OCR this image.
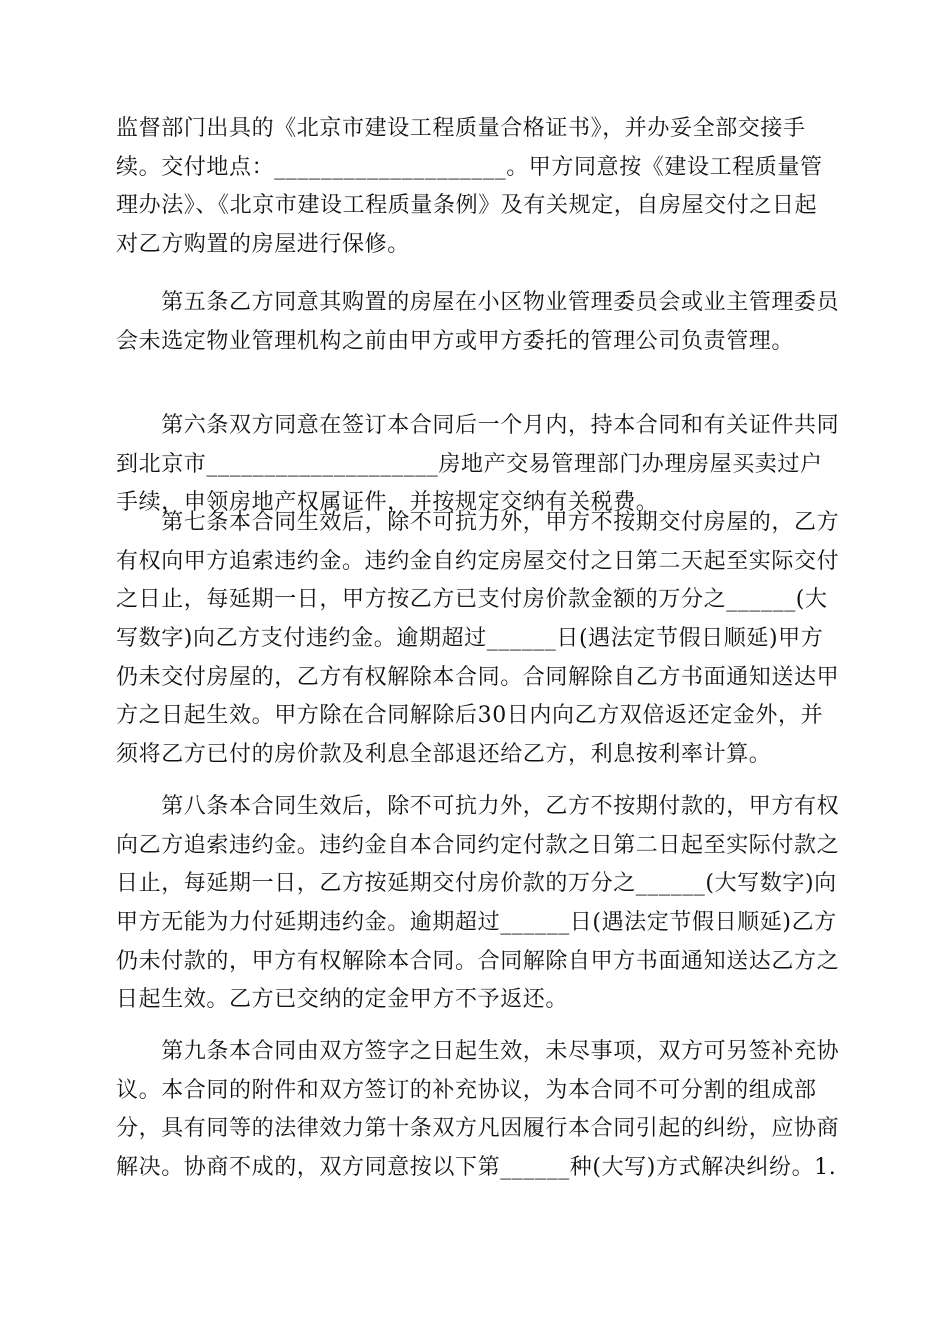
监督部门出具的《北京市建设工程质量合格证书》，并办妥全部交接手
续。交付地点：____________________。甲方同意按《建设工程质量管
理办法》、《北京市建设工程质量条例》及有关规定，自房屋交付之日起
对乙方购置的房屋进行保修。
　　第五条乙方同意其购置的房屋在小区物业管理委员会或业主管理委员
会未选定物业管理机构之前由甲方或甲方委托的管理公司负责管理。
　　第六条双方同意在签订本合同后一个月内，持本合同和有关证件共同
到北京市____________________房地产交易管理部门办理房屋买卖过户
手续，申领房地产权属证件，并按规定交纳有关税费。
　　第七条本合同生效后，除不可抗力外，甲方不按期交付房屋的，乙方
有权向甲方追索违约金。违约金自约定房屋交付之日第二天起至实际交付
之日止，每延期一日，甲方按乙方已支付房价款金额的万分之______(大
写数字)向乙方支付违约金。逾期超过______日(遇法定节假日顺延)甲方
仍未交付房屋的，乙方有权解除本合同。合同解除自乙方书面通知送达甲
方之日起生效。甲方除在合同解除后30日内向乙方双倍返还定金外，并
须将乙方已付的房价款及利息全部退还给乙方，利息按利率计算。
　　第八条本合同生效后，除不可抗力外，乙方不按期付款的，甲方有权
向乙方追索违约金。违约金自本合同约定付款之日第二日起至实际付款之
日止，每延期一日，乙方按延期交付房价款的万分之______(大写数字)向
甲方无能为力付延期违约金。逾期超过______日(遇法定节假日顺延)乙方
仍未付款的，甲方有权解除本合同。合同解除自甲方书面通知送达乙方之
日起生效。乙方已交纳的定金甲方不予返还。
　　第九条本合同由双方签字之日起生效，未尽事项，双方可另签补充协
议。本合同的附件和双方签订的补充协议，为本合同不可分割的组成部
分，具有同等的法律效力第十条双方凡因履行本合同引起的纠纷，应协商
解决。协商不成的，双方同意按以下第______种(大写)方式解决纠纷。1.
